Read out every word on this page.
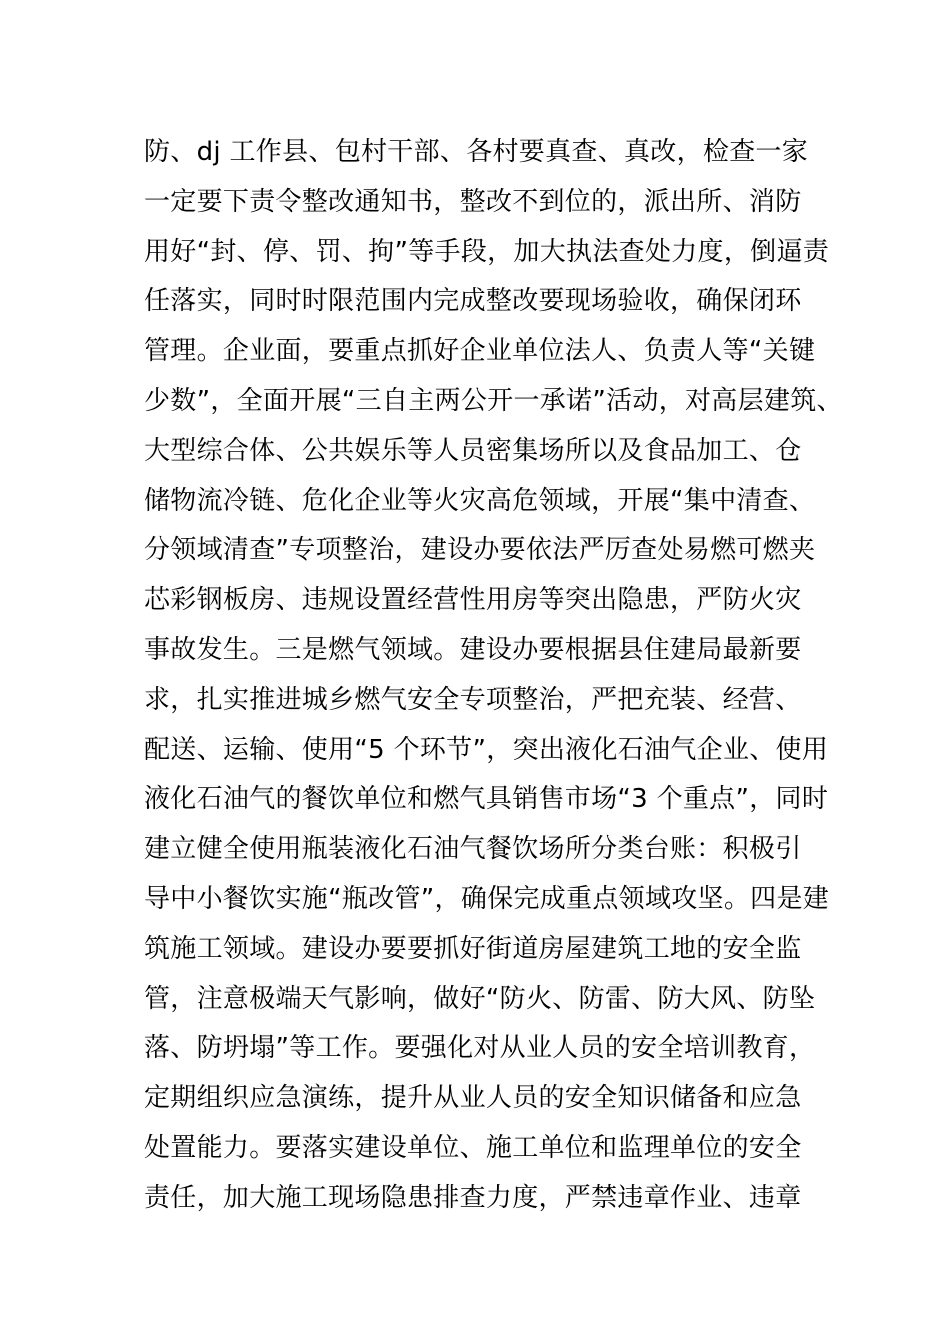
防、dj 工作县、包村干部、各村要真查、真改，检查一家
一定要下责令整改通知书，整改不到位的，派出所、消防
用好“封、停、罚、拘”等手段，加大执法查处力度，倒逼责
任落实，同时时限范围内完成整改要现场验收，确保闭环
管理。企业面，要重点抓好企业单位法人、负责人等“关键
少数”，全面开展“三自主两公开一承诺”活动，对高层建筑、
大型综合体、公共娱乐等人员密集场所以及食品加工、仓
储物流冷链、危化企业等火灾高危领域，开展“集中清查、
分领域清查”专项整治，建设办要依法严厉查处易燃可燃夹
芯彩钢板房、违规设置经营性用房等突出隐患，严防火灾
事故发生。三是燃气领域。建设办要根据县住建局最新要
求，扎实推进城乡燃气安全专项整治，严把充装、经营、
配送、运输、使用“5 个环节”，突出液化石油气企业、使用
液化石油气的餐饮单位和燃气具销售市场“3 个重点”，同时
建立健全使用瓶装液化石油气餐饮场所分类台账：积极引
导中小餐饮实施“瓶改管”，确保完成重点领域攻坚。四是建
筑施工领域。建设办要要抓好街道房屋建筑工地的安全监
管，注意极端天气影响，做好“防火、防雷、防大风、防坠
落、防坍塌”等工作。要强化对从业人员的安全培训教育，
定期组织应急演练，提升从业人员的安全知识储备和应急
处置能力。要落实建设单位、施工单位和监理单位的安全
责任，加大施工现场隐患排查力度，严禁违章作业、违章
